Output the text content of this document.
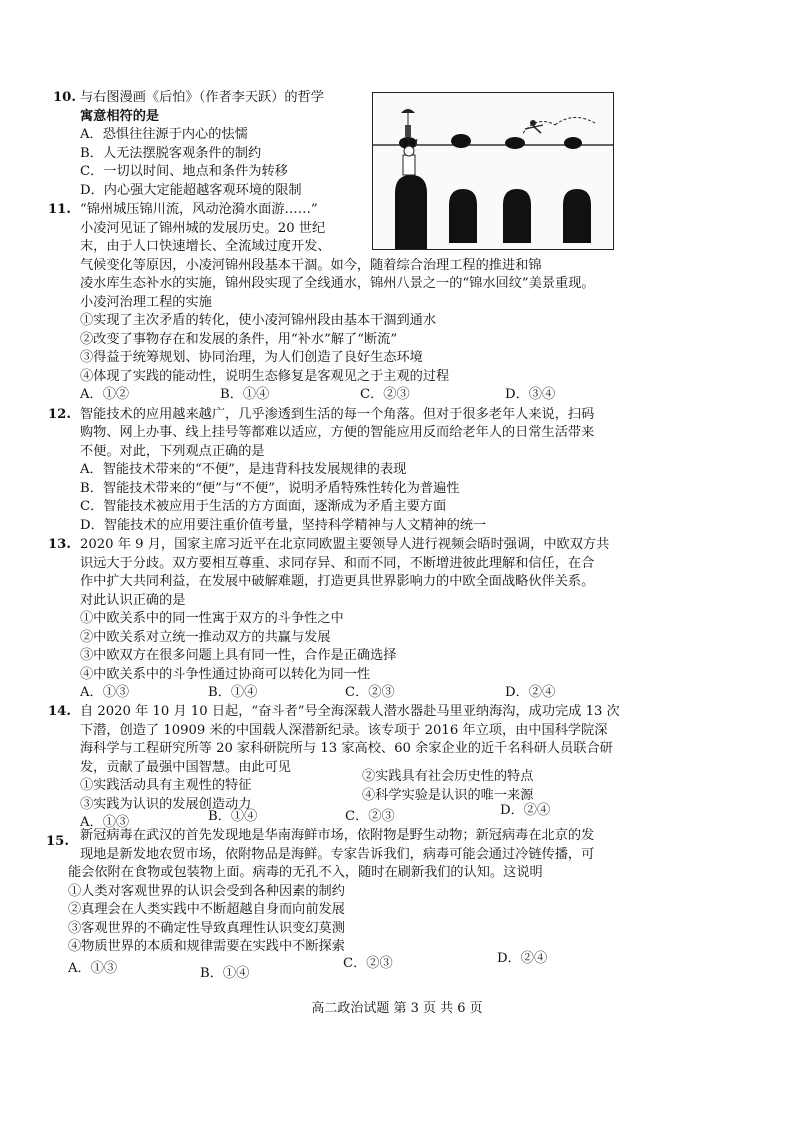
10. 与右图漫画《后怕》（作者李天跃）的哲学
寓意相符的是
A．恐惧往往源于内心的怯懦
B．人无法摆脱客观条件的制约
C．一切以时间、地点和条件为转移
D．内心强大定能超越客观环境的限制
11. “锦州城压锦川流，风动沧漪水面游……”
小凌河见证了锦州城的发展历史。20 世纪
末，由于人口快速增长、全流域过度开发、
气候变化等原因，小凌河锦州段基本干涸。如今，随着综合治理工程的推进和锦
凌水库生态补水的实施，锦州段实现了全线通水，锦州八景之一的“锦水回纹”美景重现。
小凌河治理工程的实施
①实现了主次矛盾的转化，使小凌河锦州段由基本干涸到通水
②改变了事物存在和发展的条件，用“补水”解了“断流”
③得益于统筹规划、协同治理，为人们创造了良好生态环境
④体现了实践的能动性，说明生态修复是客观见之于主观的过程
A．①②	B．①④	C．②③	D．③④
12. 智能技术的应用越来越广，几乎渗透到生活的每一个角落。但对于很多老年人来说，扫码
购物、网上办事、线上挂号等都难以适应，方便的智能应用反而给老年人的日常生活带来
不便。对此，下列观点正确的是
A．智能技术带来的“不便”，是违背科技发展规律的表现
B．智能技术带来的“便”与“不便”，说明矛盾特殊性转化为普遍性
C．智能技术被应用于生活的方方面面，逐渐成为矛盾主要方面
D．智能技术的应用要注重价值考量，坚持科学精神与人文精神的统一
13. 2020 年 9 月，国家主席习近平在北京同欧盟主要领导人进行视频会晤时强调，中欧双方共
识远大于分歧。双方要相互尊重、求同存异、和而不同，不断增进彼此理解和信任，在合
作中扩大共同利益，在发展中破解难题，打造更具世界影响力的中欧全面战略伙伴关系。
对此认识正确的是
①中欧关系中的同一性寓于双方的斗争性之中
②中欧关系对立统一推动双方的共赢与发展
③中欧双方在很多问题上具有同一性，合作是正确选择
④中欧关系中的斗争性通过协商可以转化为同一性
A．①③	B．①④	C．②③	D．②④
14. 自 2020 年 10 月 10 日起，“奋斗者”号全海深载人潜水器赴马里亚纳海沟，成功完成 13 次
下潜，创造了 10909 米的中国载人深潜新纪录。该专项于 2016 年立项，由中国科学院深
海科学与工程研究所等 20 家科研院所与 13 家高校、60 余家企业的近千名科研人员联合研
发，贡献了最强中国智慧。由此可见
①实践活动具有主观性的特征
②实践具有社会历史性的特点
③实践为认识的发展创造动力
④科学实验是认识的唯一来源
A．①③	B．①④	C．②③	D．②④
15. 新冠病毒在武汉的首先发现地是华南海鲜市场，依附物是野生动物；新冠病毒在北京的发
现地是新发地农贸市场，依附物品是海鲜。专家告诉我们，病毒可能会通过冷链传播，可
能会依附在食物或包装物上面。病毒的无孔不入，随时在刷新我们的认知。这说明
①人类对客观世界的认识会受到各种因素的制约
②真理会在人类实践中不断超越自身而向前发展
③客观世界的不确定性导致真理性认识变幻莫测
④物质世界的本质和规律需要在实践中不断探索
A．①③	B．①④
C．②③	D．②④
高二政治试题 第 3 页 共 6 页
